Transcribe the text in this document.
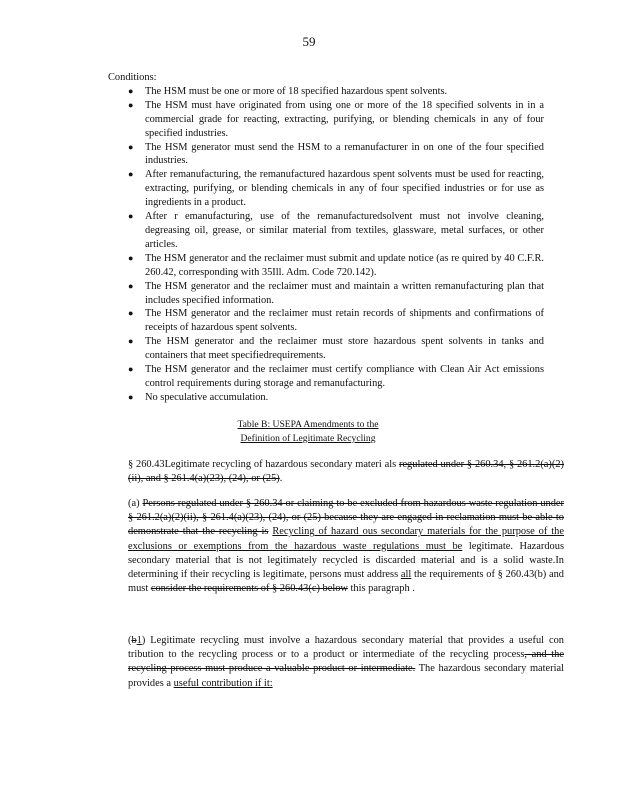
59
Conditions:
● The HSM must be one or more of 18 specified hazardous spent solvents.
● The HSM must have originated from using one or more of the 18 specified solvents in in a commercial grade for reacting, extracting, purifying, or blending chemicals in any of four specified industries.
● The HSM generator must send the HSM to a remanufacturer in on one of the four specified industries.
● After remanufacturing, the remanufactured hazardous spent solvents must be used for reacting, extracting, purifying, or blending chemicals in any of four specified industries or for use as ingredients in a product.
● After r emanufacturing, use of the remanufacturedsolvent must not involve cleaning, degreasing oil, grease, or similar material from textiles, glassware, metal surfaces, or other articles.
● The HSM generator and the reclaimer must submit and update notice (as re quired by 40 C.F.R. 260.42, corresponding with 35Ill. Adm. Code 720.142).
● The HSM generator and the reclaimer must and maintain a written remanufacturing plan that includes specified information.
● The HSM generator and the reclaimer must retain records of shipments and confirmations of receipts of hazardous spent solvents.
● The HSM generator and the reclaimer must store hazardous spent solvents in tanks and containers that meet specifiedrequirements.
● The HSM generator and the reclaimer must certify compliance with Clean Air Act emissions control requirements during storage and remanufacturing.
● No speculative accumulation.
Table B: USEPA Amendments to the
Definition of Legitimate Recycling
§ 260.43Legitimate recycling of hazardous secondary materi als regulated under § 260.34, § 261.2(a)(2)(ii), and § 261.4(a)(23), (24), or (25).
(a) Persons regulated under § 260.34 or claiming to be excluded from hazardous waste regulation under § 261.2(a)(2)(ii), § 261.4(a)(23), (24), or (25) because they are engaged in reclamation must be able to demonstrate that the recycling is Recycling of hazard ous secondary materials for the purpose of the exclusions or exemptions from the hazardous waste regulations must be legitimate. Hazardous secondary material that is not legitimately recycled is discarded material and is a solid waste.In determining if their recycling is legitimate, persons must address all the requirements of § 260.43(b) and must consider the requirements of § 260.43(c) below this paragraph .
(b1) Legitimate recycling must involve a hazardous secondary material that provides a useful con tribution to the recycling process or to a product or intermediate of the recycling process, and the recycling process must produce a valuable product or intermediate. The hazardous secondary material provides a useful contribution if it:
